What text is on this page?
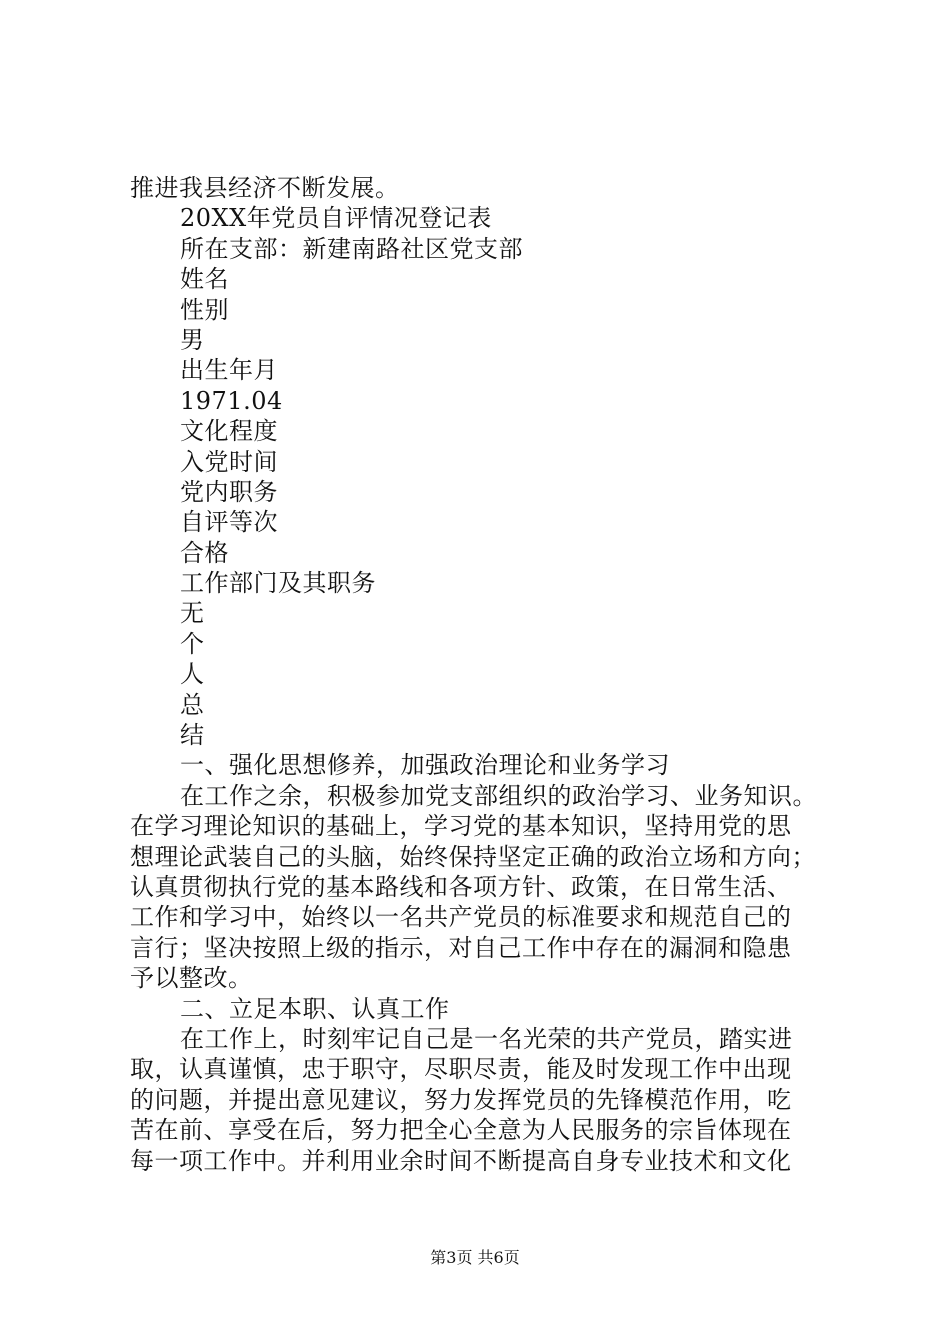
推进我县经济不断发展。
20XX年党员自评情况登记表
所在支部：新建南路社区党支部
姓名
性别
男
出生年月
1971.04
文化程度
入党时间
党内职务
自评等次
合格
工作部门及其职务
无
个
人
总
结
一、强化思想修养，加强政治理论和业务学习
在工作之余，积极参加党支部组织的政治学习、业务知识。
在学习理论知识的基础上，学习党的基本知识，坚持用党的思
想理论武装自己的头脑，始终保持坚定正确的政治立场和方向；
认真贯彻执行党的基本路线和各项方针、政策，在日常生活、
工作和学习中，始终以一名共产党员的标准要求和规范自己的
言行；坚决按照上级的指示，对自己工作中存在的漏洞和隐患
予以整改。
二、立足本职、认真工作
在工作上，时刻牢记自己是一名光荣的共产党员，踏实进
取，认真谨慎，忠于职守，尽职尽责，能及时发现工作中出现
的问题，并提出意见建议，努力发挥党员的先锋模范作用，吃
苦在前、享受在后，努力把全心全意为人民服务的宗旨体现在
每一项工作中。并利用业余时间不断提高自身专业技术和文化
第3页 共6页
